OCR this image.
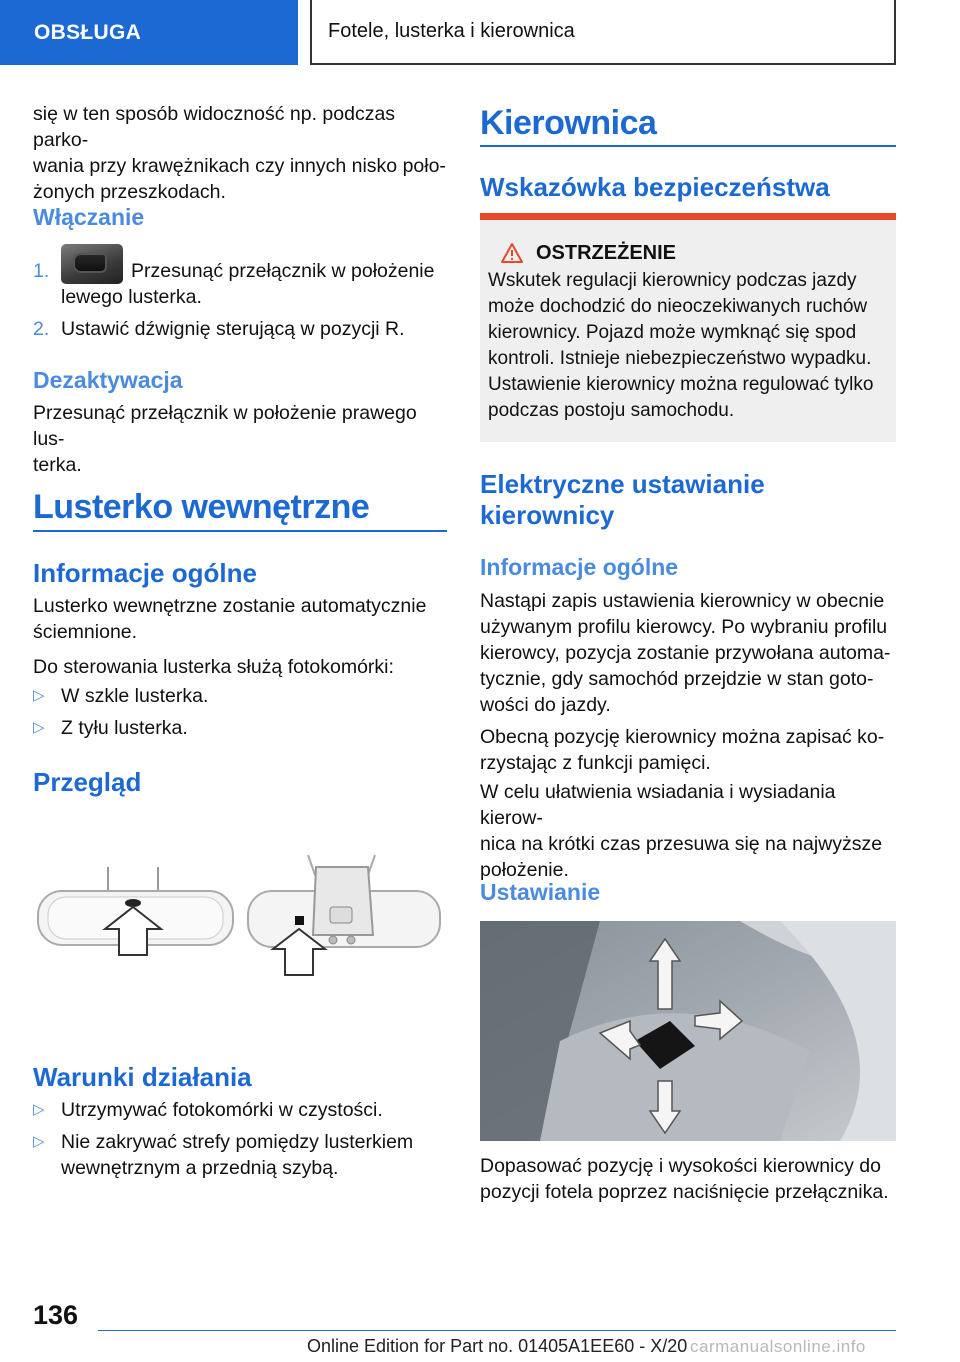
OBSŁUGA	Fotele, lusterka i kierownica
się w ten sposób widoczność np. podczas parko-
wania przy krawężnikach czy innych nisko poło-
żonych przeszkodach.
Włączanie
1.	Przesunąć przełącznik w położenie
lewego lusterka.
2. Ustawić dźwignię sterującą w pozycji R.
Dezaktywacja
Przesunąć przełącznik w położenie prawego lus-
terka.
Lusterko wewnętrzne
Informacje ogólne
Lusterko wewnętrzne zostanie automatycznie
ściemnione.
Do sterowania lusterka służą fotokomórki:
▷ W szkle lusterka.
▷ Z tyłu lusterka.
Przegląd
Warunki działania
▷ Utrzymywać fotokomórki w czystości.
▷ Nie zakrywać strefy pomiędzy lusterkiem
wewnętrznym a przednią szybą.
Kierownica
Wskazówka bezpieczeństwa
OSTRZEŻENIE
Wskutek regulacji kierownicy podczas jazdy
może dochodzić do nieoczekiwanych ruchów
kierownicy. Pojazd może wymknąć się spod
kontroli. Istnieje niebezpieczeństwo wypadku.
Ustawienie kierownicy można regulować tylko
podczas postoju samochodu.
Elektryczne ustawianie
kierownicy
Informacje ogólne
Nastąpi zapis ustawienia kierownicy w obecnie
używanym profilu kierowcy. Po wybraniu profilu
kierowcy, pozycja zostanie przywołana automa-
tycznie, gdy samochód przejdzie w stan goto-
wości do jazdy.
Obecną pozycję kierownicy można zapisać ko-
rzystając z funkcji pamięci.
W celu ułatwienia wsiadania i wysiadania kierow-
nica na krótki czas przesuwa się na najwyższe
położenie.
Ustawianie
Dopasować pozycję i wysokości kierownicy do
pozycji fotela poprzez naciśnięcie przełącznika.
136
Online Edition for Part no. 01405A1EE60 - X/20 carmanualsonline.info
